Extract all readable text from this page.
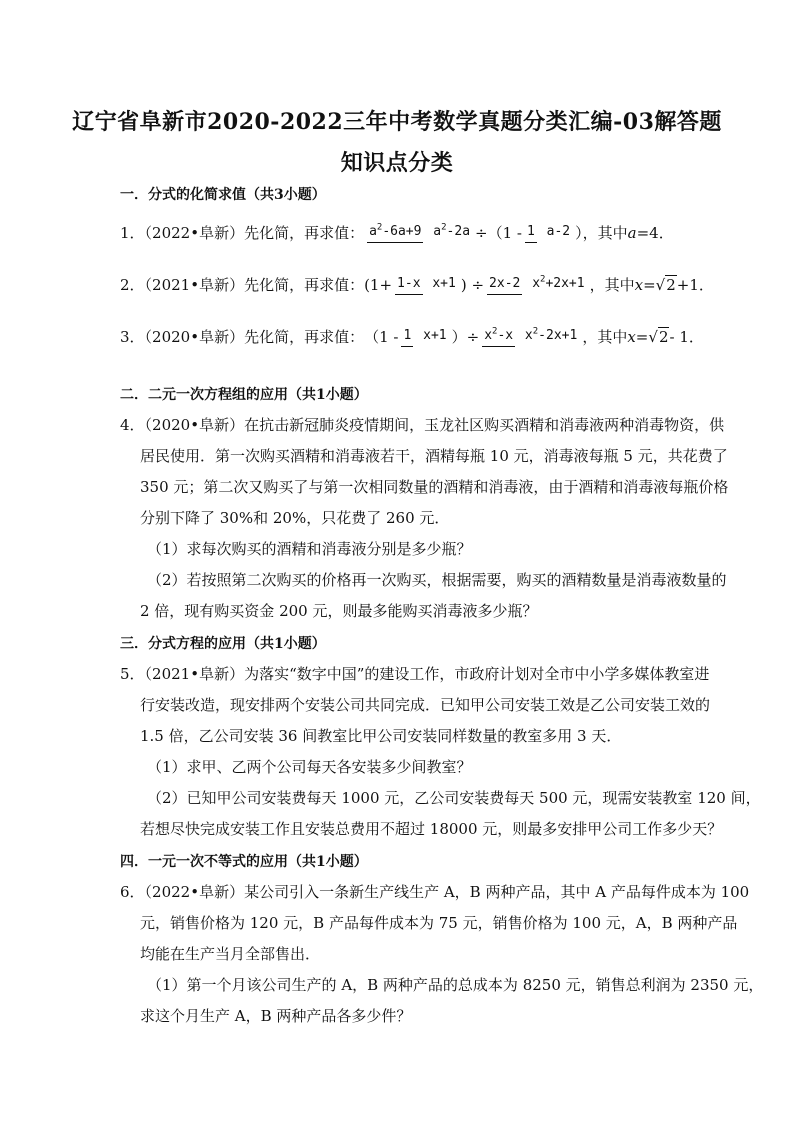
辽宁省阜新市2020-2022三年中考数学真题分类汇编-03解答题
知识点分类
一．分式的化简求值（共3小题）
1．（2022•阜新）先化简，再求值： $a^2-6a+9$ $a^2-2a \div(1 - 1$ a-2 ），其中 a =4．
2．（2021•阜新）先化简，再求值： (1+ 1-x x+1 ) ÷ 2x-2 $x^2+2x+1$ ，其中 x = √2 +1．
3．（2020•阜新）先化简，再求值： （1 - 1 x+1 ）÷ $x^2-x$ $x^2-2x+1$ ，其中 x = √2 - 1．
二．二元一次方程组的应用（共1小题）
4．（2020•阜新）在抗击新冠肺炎疫情期间，玉龙社区购买酒精和消毒液两种消毒物资，供
居民使用．第一次购买酒精和消毒液若干，酒精每瓶 10 元，消毒液每瓶 5 元，共花费了
350 元；第二次又购买了与第一次相同数量的酒精和消毒液，由于酒精和消毒液每瓶价格
分别下降了 30%和 20%，只花费了 260 元．
（1）求每次购买的酒精和消毒液分别是多少瓶？
（2）若按照第二次购买的价格再一次购买，根据需要，购买的酒精数量是消毒液数量的
2 倍，现有购买资金 200 元，则最多能购买消毒液多少瓶？
三．分式方程的应用（共1小题）
5．（2021•阜新）为落实“数字中国”的建设工作，市政府计划对全市中小学多媒体教室进
行安装改造，现安排两个安装公司共同完成．已知甲公司安装工效是乙公司安装工效的
1.5 倍，乙公司安装 36 间教室比甲公司安装同样数量的教室多用 3 天．
（1）求甲、乙两个公司每天各安装多少间教室？
（2）已知甲公司安装费每天 1000 元，乙公司安装费每天 500 元，现需安装教室 120 间，
若想尽快完成安装工作且安装总费用不超过 18000 元，则最多安排甲公司工作多少天？
四．一元一次不等式的应用（共1小题）
6．（2022•阜新）某公司引入一条新生产线生产 A，B 两种产品，其中 A 产品每件成本为 100
元，销售价格为 120 元，B 产品每件成本为 75 元，销售价格为 100 元，A，B 两种产品
均能在生产当月全部售出．
（1）第一个月该公司生产的 A，B 两种产品的总成本为 8250 元，销售总利润为 2350 元，
求这个月生产 A，B 两种产品各多少件？
